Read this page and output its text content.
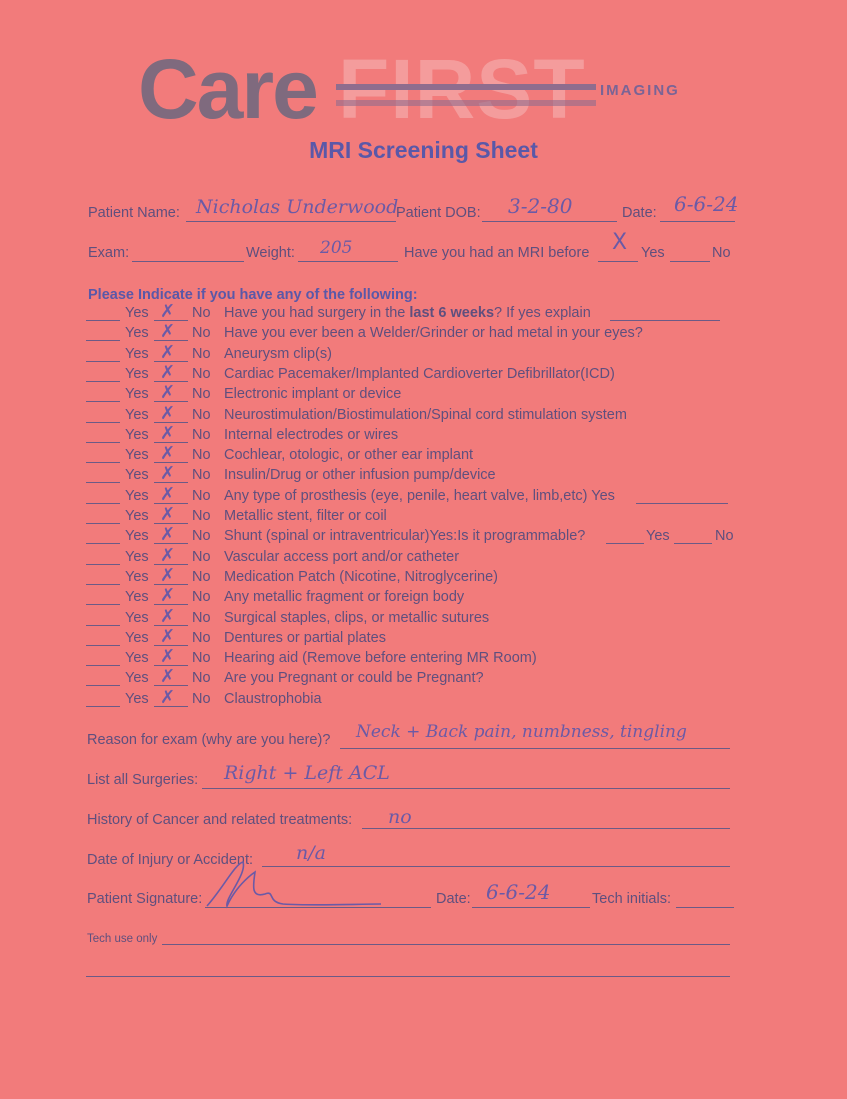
Care	IMAGING
MRI Screening Sheet
Patient Name: Nicholas Underwood
Patient DOB: 3-2-80	Date: 6-6-24
Exam:	Weight: 205	Have you had an MRI before X Yes	No
Please Indicate if you have any of the following:
Yes ✗ No Have you had surgery in the last 6 weeks? If yes explain
Yes ✗ No Have you ever been a Welder/Grinder or had metal in your eyes?
Yes ✗ No Aneurysm clip(s)
Yes ✗ No Cardiac Pacemaker/Implanted Cardioverter Defibrillator(ICD)
Yes ✗ No Electronic implant or device
Yes ✗ No Neurostimulation/Biostimulation/Spinal cord stimulation system
Yes ✗ No Internal electrodes or wires
Yes ✗ No Cochlear, otologic, or other ear implant
Yes ✗ No Insulin/Drug or other infusion pump/device
Yes ✗ No Any type of prosthesis (eye, penile, heart valve, limb,etc) Yes
Yes ✗ No Metallic stent, filter or coil
Yes ✗ No Shunt (spinal or intraventricular)Yes:Is it programmable?	Yes	No
Yes ✗ No Vascular access port and/or catheter
Yes ✗ No Medication Patch (Nicotine, Nitroglycerine)
Yes ✗ No Any metallic fragment or foreign body
Yes ✗ No Surgical staples, clips, or metallic sutures
Yes ✗ No Dentures or partial plates
Yes ✗ No Hearing aid (Remove before entering MR Room)
Yes ✗ No Are you Pregnant or could be Pregnant?
Yes ✗ No Claustrophobia
Reason for exam (why are you here)? Neck + Back pain, numbness, tingling
List all Surgeries: Right + Left ACL
History of Cancer and related treatments: no
Date of Injury or Accident: n/a
Patient Signature:	Date: 6-6-24	Tech initials:
Tech use only
